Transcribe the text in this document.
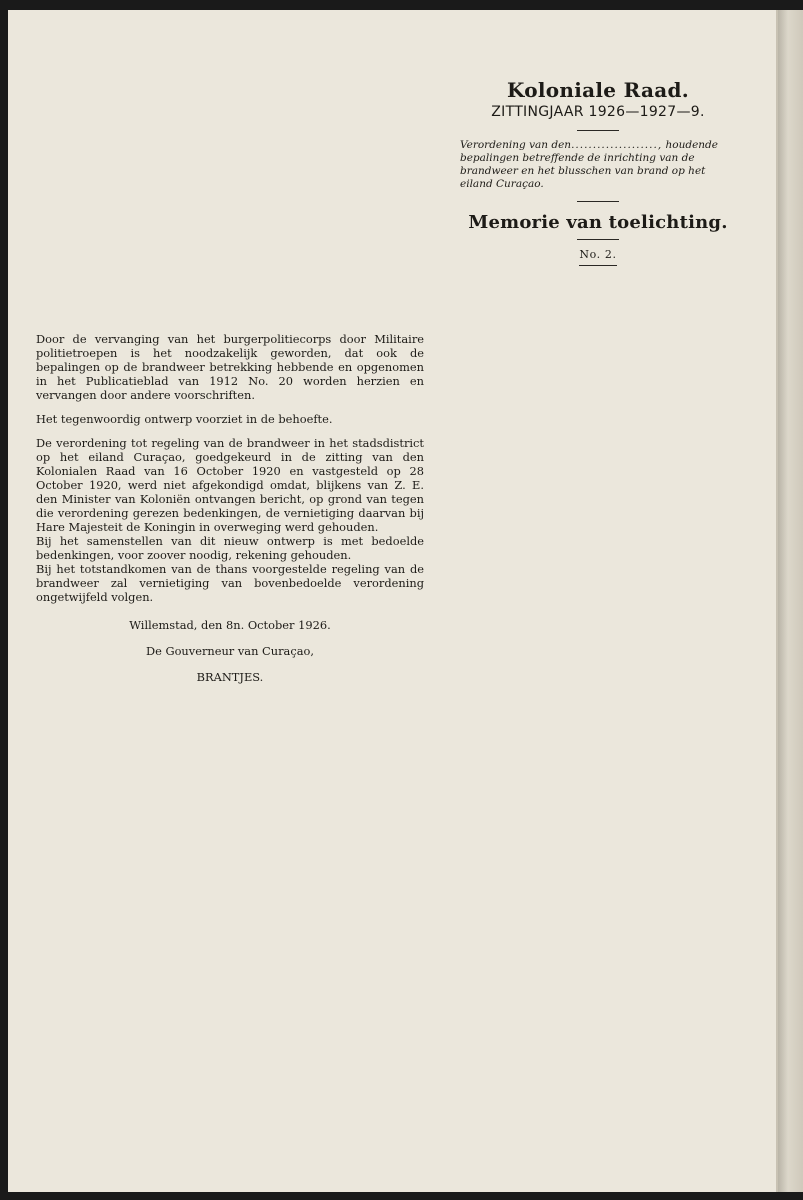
Koloniale Raad.
ZITTINGJAAR 1926—1927—9.
Verordening van den...................., houdende bepalingen betreffende de inrichting van de brandweer en het blusschen van brand op het eiland Curaçao.
Memorie van toelichting.
No. 2.

Door de vervanging van het burgerpolitiecorps door Militaire politietroepen is het noodzakelijk geworden, dat ook de bepalingen op de brandweer betrekking hebbende en opgenomen in het Publicatieblad van 1912 No. 20 worden herzien en vervangen door andere voorschriften.

Het tegenwoordig ontwerp voorziet in de behoefte.

De verordening tot regeling van de brandweer in het stadsdistrict op het eiland Curaçao, goedgekeurd in de zitting van den Kolonialen Raad van 16 October 1920 en vastgesteld op 28 October 1920, werd niet afgekondigd omdat, blijkens van Z. E. den Minister van Koloniën ontvangen bericht, op grond van tegen die verordening gerezen bedenkingen, de vernietiging daarvan bij Hare Majesteit de Koningin in overweging werd gehouden.

Bij het samenstellen van dit nieuw ontwerp is met bedoelde bedenkingen, voor zoover noodig, rekening gehouden.

Bij het totstandkomen van de thans voorgestelde regeling van de brandweer zal vernietiging van bovenbedoelde verordening ongetwijfeld volgen.

Willemstad, den 8n. October 1926.

De Gouverneur van Curaçao,

BRANTJES.
